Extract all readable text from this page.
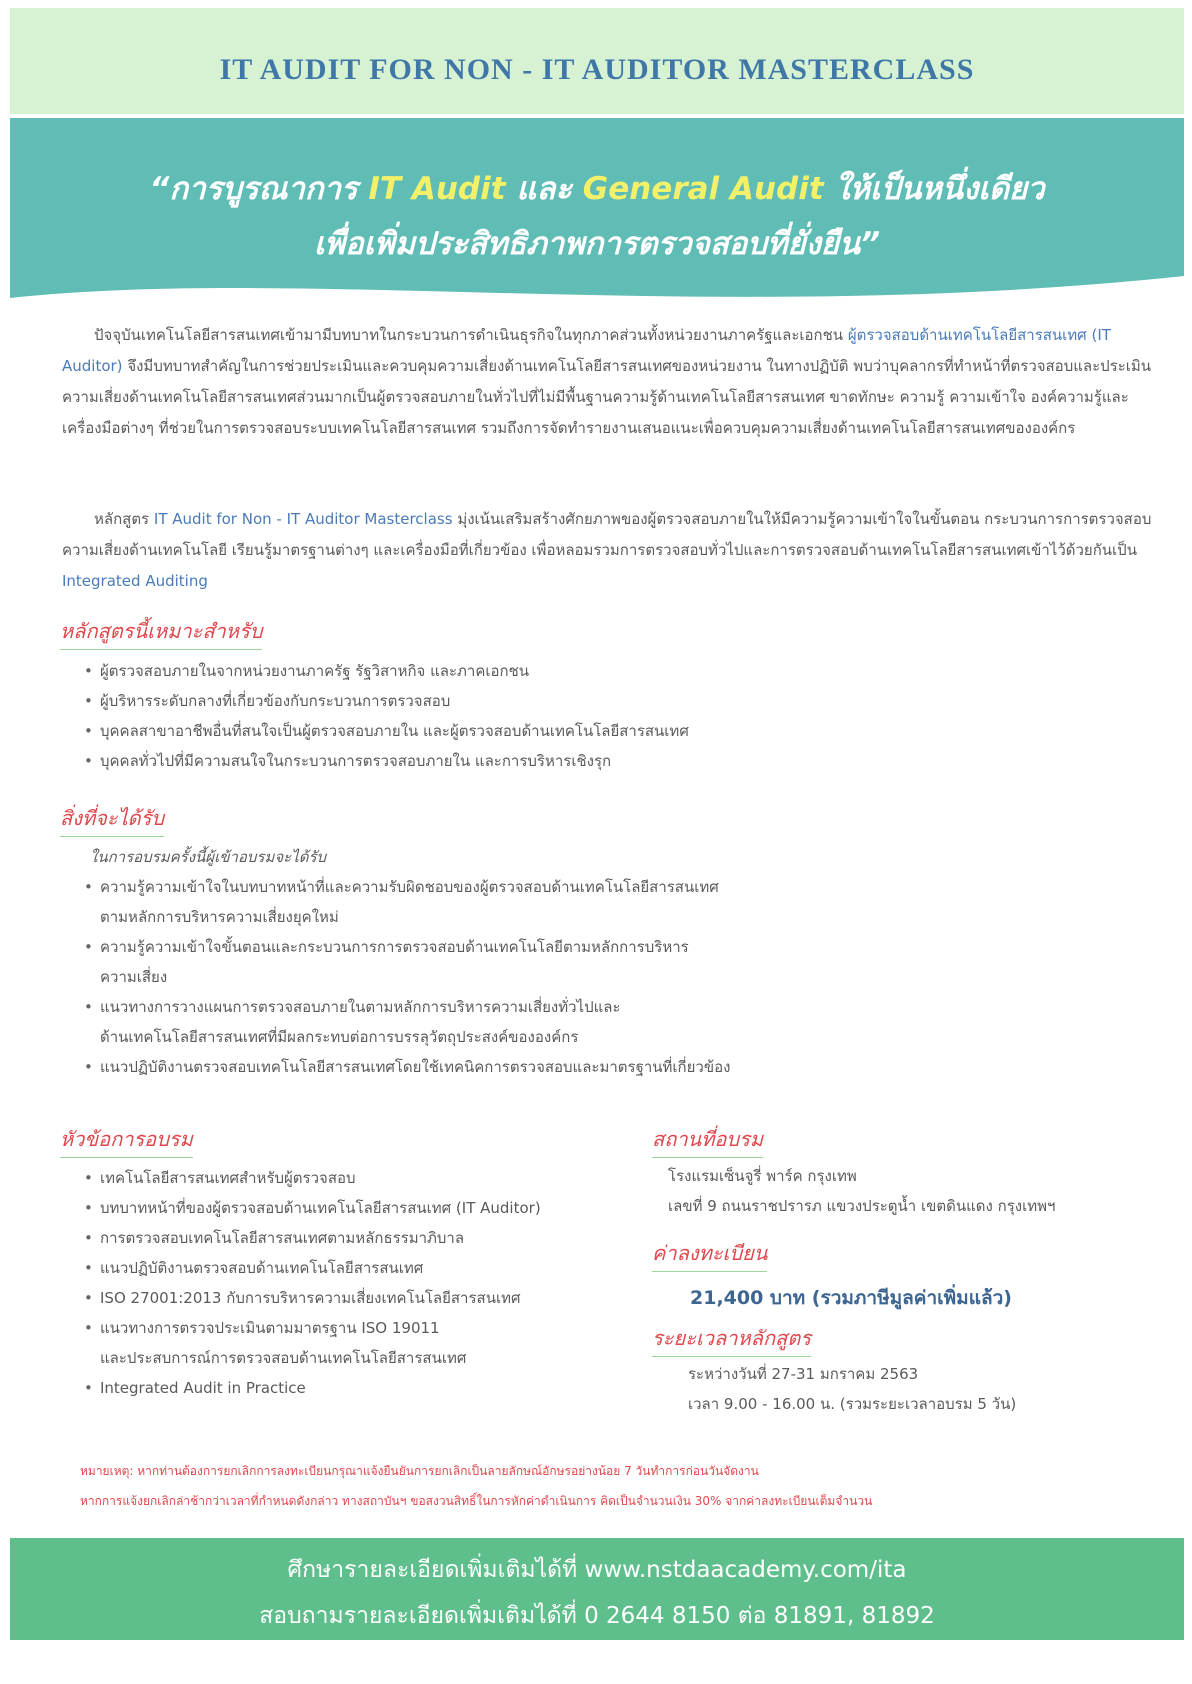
IT AUDIT FOR NON - IT AUDITOR MASTERCLASS
“การบูรณาการ IT Audit และ General Audit ให้เป็นหนึ่งเดียว
เพื่อเพิ่มประสิทธิภาพการตรวจสอบที่ยั่งยืน”
ปัจจุบันเทคโนโลยีสารสนเทศเข้ามามีบทบาทในกระบวนการดำเนินธุรกิจในทุกภาคส่วนทั้งหน่วยงานภาครัฐและเอกชน ผู้ตรวจสอบด้านเทคโนโลยีสารสนเทศ (IT Auditor) จึงมีบทบาทสำคัญในการช่วยประเมินและควบคุมความเสี่ยงด้านเทคโนโลยีสารสนเทศของหน่วยงาน ในทางปฏิบัติ พบว่าบุคลากรที่ทำหน้าที่ตรวจสอบและประเมินความเสี่ยงด้านเทคโนโลยีสารสนเทศส่วนมากเป็นผู้ตรวจสอบภายในทั่วไปที่ไม่มีพื้นฐานความรู้ด้านเทคโนโลยีสารสนเทศ ขาดทักษะ ความรู้ ความเข้าใจ องค์ความรู้และเครื่องมือต่างๆ ที่ช่วยในการตรวจสอบระบบเทคโนโลยีสารสนเทศ รวมถึงการจัดทำรายงานเสนอแนะเพื่อควบคุมความเสี่ยงด้านเทคโนโลยีสารสนเทศขององค์กร
หลักสูตร IT Audit for Non - IT Auditor Masterclass มุ่งเน้นเสริมสร้างศักยภาพของผู้ตรวจสอบภายในให้มีความรู้ความเข้าใจในขั้นตอน กระบวนการการตรวจสอบความเสี่ยงด้านเทคโนโลยี เรียนรู้มาตรฐานต่างๆ และเครื่องมือที่เกี่ยวข้อง เพื่อหลอมรวมการตรวจสอบทั่วไปและการตรวจสอบด้านเทคโนโลยีสารสนเทศเข้าไว้ด้วยกันเป็น Integrated Auditing
หลักสูตรนี้เหมาะสำหรับ
• ผู้ตรวจสอบภายในจากหน่วยงานภาครัฐ รัฐวิสาหกิจ และภาคเอกชน
• ผู้บริหารระดับกลางที่เกี่ยวข้องกับกระบวนการตรวจสอบ
• บุคคลสาขาอาชีพอื่นที่สนใจเป็นผู้ตรวจสอบภายใน และผู้ตรวจสอบด้านเทคโนโลยีสารสนเทศ
• บุคคลทั่วไปที่มีความสนใจในกระบวนการตรวจสอบภายใน และการบริหารเชิงรุก
สิ่งที่จะได้รับ
ในการอบรมครั้งนี้ผู้เข้าอบรมจะได้รับ
• ความรู้ความเข้าใจในบทบาทหน้าที่และความรับผิดชอบของผู้ตรวจสอบด้านเทคโนโลยีสารสนเทศ
ตามหลักการบริหารความเสี่ยงยุคใหม่
• ความรู้ความเข้าใจขั้นตอนและกระบวนการการตรวจสอบด้านเทคโนโลยีตามหลักการบริหาร
ความเสี่ยง
• แนวทางการวางแผนการตรวจสอบภายในตามหลักการบริหารความเสี่ยงทั่วไปและ
ด้านเทคโนโลยีสารสนเทศที่มีผลกระทบต่อการบรรลุวัตถุประสงค์ขององค์กร
• แนวปฏิบัติงานตรวจสอบเทคโนโลยีสารสนเทศโดยใช้เทคนิคการตรวจสอบและมาตรฐานที่เกี่ยวข้อง
หัวข้อการอบรม
• เทคโนโลยีสารสนเทศสำหรับผู้ตรวจสอบ
• บทบาทหน้าที่ของผู้ตรวจสอบด้านเทคโนโลยีสารสนเทศ (IT Auditor)
• การตรวจสอบเทคโนโลยีสารสนเทศตามหลักธรรมาภิบาล
• แนวปฏิบัติงานตรวจสอบด้านเทคโนโลยีสารสนเทศ
• ISO 27001:2013 กับการบริหารความเสี่ยงเทคโนโลยีสารสนเทศ
• แนวทางการตรวจประเมินตามมาตรฐาน ISO 19011
และประสบการณ์การตรวจสอบด้านเทคโนโลยีสารสนเทศ
• Integrated Audit in Practice
สถานที่อบรม
โรงแรมเซ็นจูรี่ พาร์ค กรุงเทพ
เลขที่ 9 ถนนราชปรารภ แขวงประตูน้ำ เขตดินแดง กรุงเทพฯ
ค่าลงทะเบียน
21,400 บาท (รวมภาษีมูลค่าเพิ่มแล้ว)
ระยะเวลาหลักสูตร
ระหว่างวันที่ 27-31 มกราคม 2563
เวลา 9.00 - 16.00 น. (รวมระยะเวลาอบรม 5 วัน)
หมายเหตุ: หากท่านต้องการยกเลิกการลงทะเบียนกรุณาแจ้งยืนยันการยกเลิกเป็นลายลักษณ์อักษรอย่างน้อย 7 วันทำการก่อนวันจัดงาน
หากการแจ้งยกเลิกล่าช้ากว่าเวลาที่กำหนดดังกล่าว ทางสถาบันฯ ขอสงวนสิทธิ์ในการหักค่าดำเนินการ คิดเป็นจำนวนเงิน 30% จากค่าลงทะเบียนเต็มจำนวน
ศึกษารายละเอียดเพิ่มเติมได้ที่ www.nstdaacademy.com/ita
สอบถามรายละเอียดเพิ่มเติมได้ที่ 0 2644 8150 ต่อ 81891, 81892
